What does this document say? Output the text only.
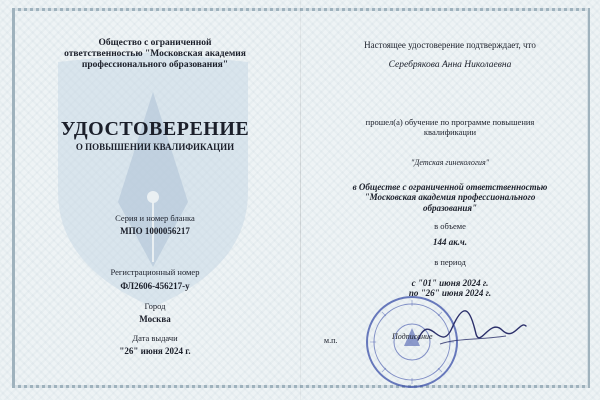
Общество с ограниченной ответственностью "Московская академия профессионального образования"
УДОСТОВЕРЕНИЕ
О ПОВЫШЕНИИ КВАЛИФИКАЦИИ
Серия и номер бланка
МПО 1000056217
Регистрационный номер
ФЛ2606-456217-у
Город
Москва
Дата выдачи
"26" июня 2024 г.
Настоящее удостоверение подтверждает, что
Серебрякова Анна Николаевна
прошел(а) обучение по программе повышения квалификации
"Детская гинекология"
в Обществе с ограниченной ответственностью "Московская академия профессионального образования"
в объеме
144 ак.ч.
в период
с "01" июня 2024 г.
по "26" июня 2024 г.
м.п.	Подписание
